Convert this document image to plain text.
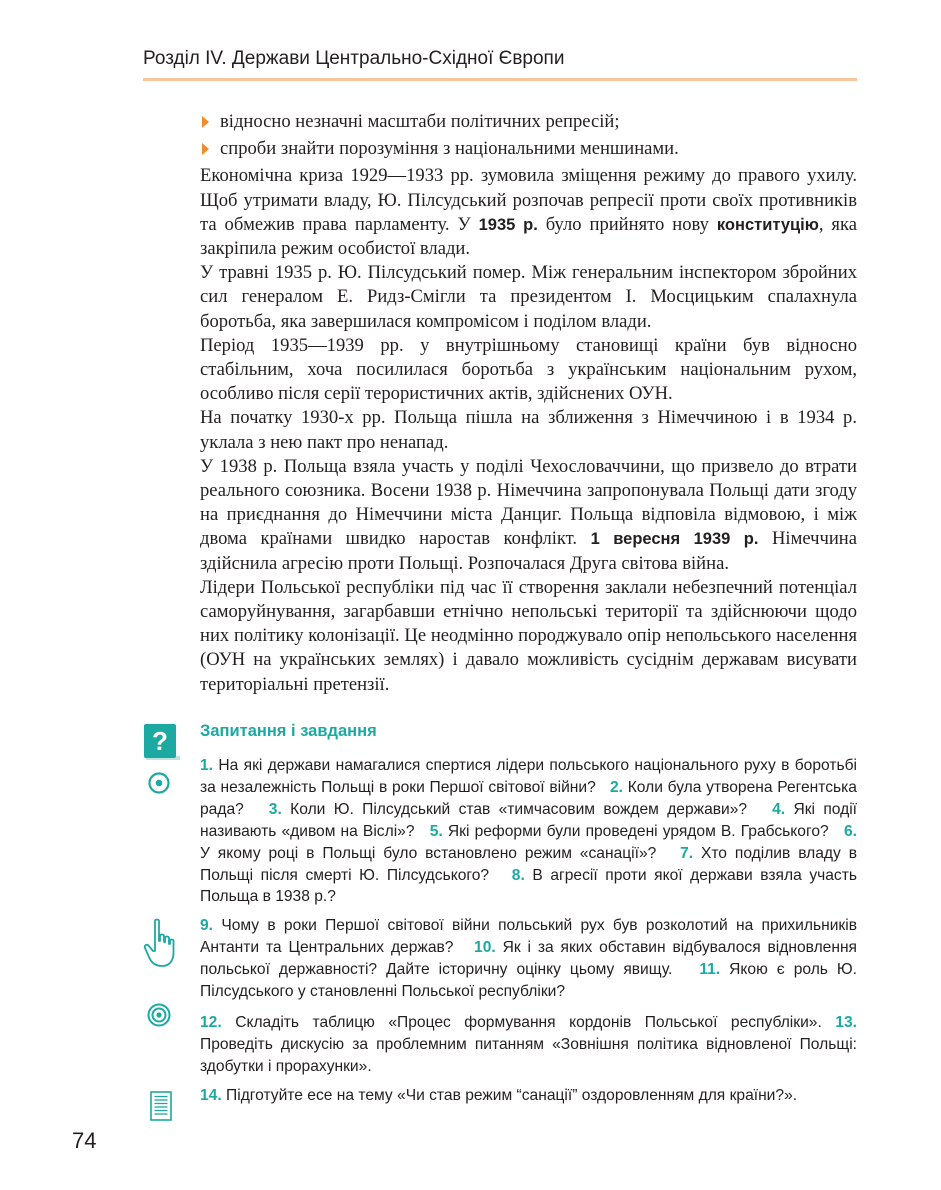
Розділ IV. Держави Центрально-Східної Європи
відносно незначні масштаби політичних репресій;
спроби знайти порозуміння з національними меншинами.

Економічна криза 1929—1933 рр. зумовила зміщення режиму до правого ухилу. Щоб утримати владу, Ю. Пілсудський розпочав репресії проти своїх противників та обмежив права парламенту. У 1935 р. було прийнято нову конституцію, яка закріпила режим особистої влади.

У травні 1935 р. Ю. Пілсудський помер. Між генеральним інспектором збройних сил генералом Е. Ридз-Смігли та президентом І. Мосцицьким спалахнула боротьба, яка завершилася компромісом і поділом влади.

Період 1935—1939 рр. у внутрішньому становищі країни був відносно стабільним, хоча посилилася боротьба з українським національним рухом, особливо після серії терористичних актів, здійснених ОУН.

На початку 1930-х рр. Польща пішла на зближення з Німеччиною і в 1934 р. уклала з нею пакт про ненапад.

У 1938 р. Польща взяла участь у поділі Чехословаччини, що призвело до втрати реального союзника. Восени 1938 р. Німеччина запропонувала Польщі дати згоду на приєднання до Німеччини міста Данциг. Польща відповіла відмовою, і між двома країнами швидко наростав конфлікт. 1 вересня 1939 р. Німеччина здійснила агресію проти Польщі. Розпочалася Друга світова війна.

Лідери Польської республіки під час її створення заклали небезпечний потенціал саморуйнування, загарбавши етнічно непольські території та здійснюючи щодо них політику колонізації. Це неодмінно породжувало опір непольського населення (ОУН на українських землях) і давало можливість сусіднім державам висувати територіальні претензії.

?	Запитання і завдання
1. На які держави намагалися спертися лідери польського національного руху в боротьбі за незалежність Польщі в роки Першої світової війни? 2. Коли була утворена Регентська рада? 3. Коли Ю. Пілсудський став «тимчасовим вождем держави»? 4. Які події називають «дивом на Віслі»? 5. Які реформи були проведені урядом В. Грабського? 6. У якому році в Польщі було встановлено режим «санації»? 7. Хто поділив владу в Польщі після смерті Ю. Пілсудського? 8. В агресії проти якої держави взяла участь Польща в 1938 р.?
9. Чому в роки Першої світової війни польський рух був розколотий на прихильників Антанти та Центральних держав? 10. Як і за яких обставин відбувалося відновлення польської державності? Дайте історичну оцінку цьому явищу. 11. Якою є роль Ю. Пілсудського у становленні Польської республіки?
12. Складіть таблицю «Процес формування кордонів Польської республіки». 13. Проведіть дискусію за проблемним питанням «Зовнішня політика відновленої Польщі: здобутки і прорахунки».
14. Підготуйте есе на тему «Чи став режим “санації” оздоровленням для країни?».
74
